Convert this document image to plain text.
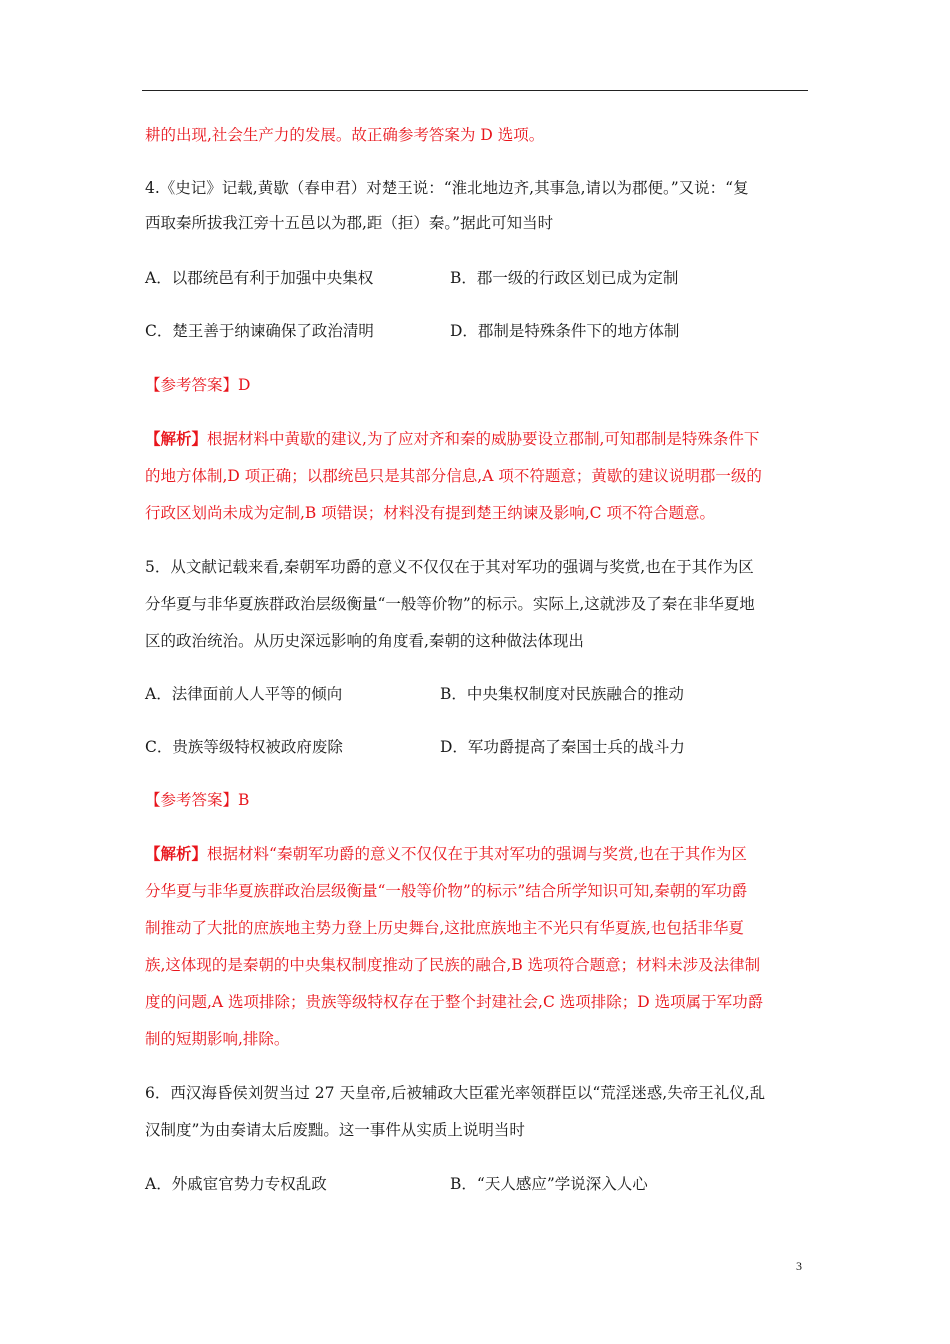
耕的出现,社会生产力的发展。故正确参考答案为 D 选项。
4.《史记》记载,黄歇（春申君）对楚王说：“淮北地边齐,其事急,请以为郡便。”又说：“复
西取秦所拔我江旁十五邑以为郡,距（拒）秦。”据此可知当时
A．以郡统邑有利于加强中央集权	B．郡一级的行政区划已成为定制
C．楚王善于纳谏确保了政治清明	D．郡制是特殊条件下的地方体制
【参考答案】D
【解析】根据材料中黄歇的建议,为了应对齐和秦的威胁要设立郡制,可知郡制是特殊条件下
的地方体制,D 项正确；以郡统邑只是其部分信息,A 项不符题意；黄歇的建议说明郡一级的
行政区划尚未成为定制,B 项错误；材料没有提到楚王纳谏及影响,C 项不符合题意。
5．从文献记载来看,秦朝军功爵的意义不仅仅在于其对军功的强调与奖赏,也在于其作为区
分华夏与非华夏族群政治层级衡量“一般等价物”的标示。实际上,这就涉及了秦在非华夏地
区的政治统治。从历史深远影响的角度看,秦朝的这种做法体现出
A．法律面前人人平等的倾向	B．中央集权制度对民族融合的推动
C．贵族等级特权被政府废除	D．军功爵提高了秦国士兵的战斗力
【参考答案】B
【解析】根据材料“秦朝军功爵的意义不仅仅在于其对军功的强调与奖赏,也在于其作为区
分华夏与非华夏族群政治层级衡量“一般等价物”的标示”结合所学知识可知,秦朝的军功爵
制推动了大批的庶族地主势力登上历史舞台,这批庶族地主不光只有华夏族,也包括非华夏
族,这体现的是秦朝的中央集权制度推动了民族的融合,B 选项符合题意；材料未涉及法律制
度的问题,A 选项排除；贵族等级特权存在于整个封建社会,C 选项排除；D 选项属于军功爵
制的短期影响,排除。
6．西汉海昏侯刘贺当过 27 天皇帝,后被辅政大臣霍光率领群臣以“荒淫迷惑,失帝王礼仪,乱
汉制度”为由奏请太后废黜。这一事件从实质上说明当时
A．外戚宦官势力专权乱政	B．“天人感应”学说深入人心
3
